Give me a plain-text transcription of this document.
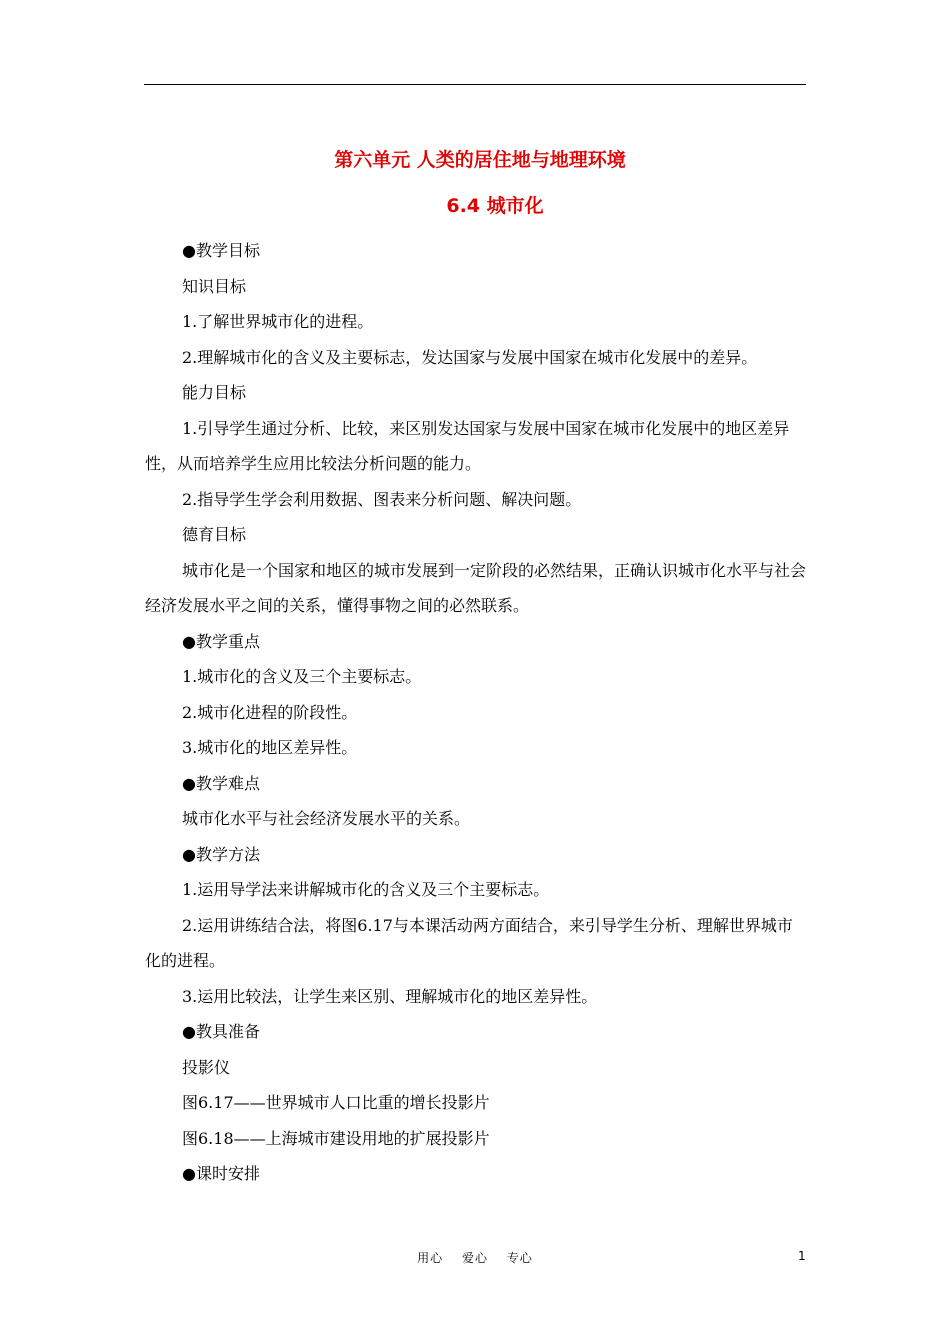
第六单元 人类的居住地与地理环境
6.4 城市化

●教学目标

知识目标

1.了解世界城市化的进程。

2.理解城市化的含义及主要标志，发达国家与发展中国家在城市化发展中的差异。

能力目标

1.引导学生通过分析、比较，来区别发达国家与发展中国家在城市化发展中的地区差异性，从而培养学生应用比较法分析问题的能力。

2.指导学生学会利用数据、图表来分析问题、解决问题。

德育目标

城市化是一个国家和地区的城市发展到一定阶段的必然结果，正确认识城市化水平与社会经济发展水平之间的关系，懂得事物之间的必然联系。

●教学重点

1.城市化的含义及三个主要标志。

2.城市化进程的阶段性。

3.城市化的地区差异性。

●教学难点

城市化水平与社会经济发展水平的关系。

●教学方法

1.运用导学法来讲解城市化的含义及三个主要标志。

2.运用讲练结合法，将图6.17与本课活动两方面结合，来引导学生分析、理解世界城市化的进程。

3.运用比较法，让学生来区别、理解城市化的地区差异性。

●教具准备

投影仪

图6.17——世界城市人口比重的增长投影片

图6.18——上海城市建设用地的扩展投影片

●课时安排

用心 爱心 专心	1
